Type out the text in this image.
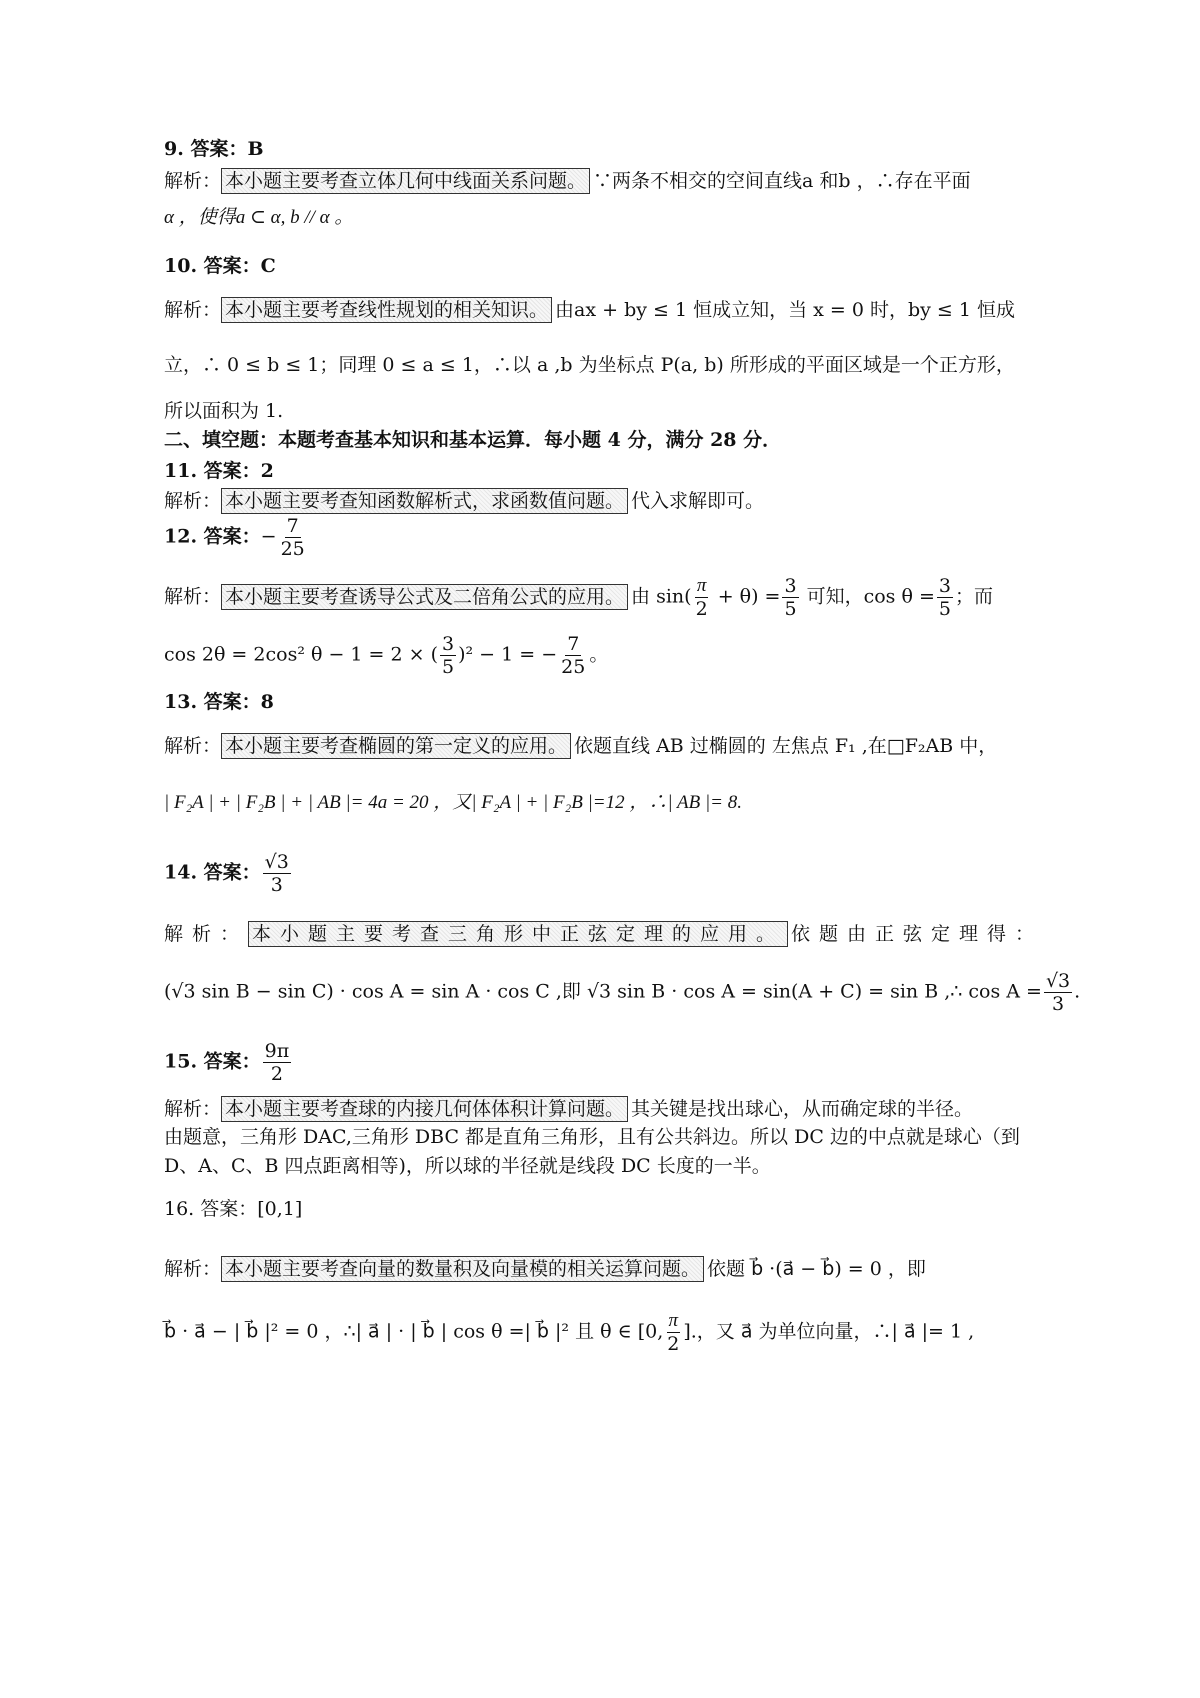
9. 答案：B
解析： 本小题主要考查立体几何中线面关系问题。 ∵两条不相交的空间直线a 和b ，∴存在平面
α ，使得a ⊂ α, b // α 。
10. 答案：C
解析： 本小题主要考查线性规划的相关知识。 由ax + by ≤ 1 恒成立知，当 x = 0 时，by ≤ 1 恒成
立，∴ 0 ≤ b ≤ 1；同理 0 ≤ a ≤ 1，∴以 a ,b 为坐标点 P(a, b) 所形成的平面区域是一个正方形，
所以面积为 1.
二、填空题：本题考查基本知识和基本运算．每小题 4 分，满分 28 分．
11. 答案：2
解析： 本小题主要考查知函数解析式，求函数值问题。 代入求解即可。
12. 答案：− $\frac{7}{25}$
解析： 本小题主要考查诱导公式及二倍角公式的应用。 由 $\sin( \frac{\pi}{2} + \theta) = \frac{3}{5}$ 可知，$\cos \theta = \frac{3}{5}$ ；而
cos 2θ = 2cos² θ − 1 = 2 × ( $\frac{3}{5} )^2 - 1$ = − $\frac{7}{25}$ 。
13. 答案：8
解析： 本小题主要考查椭圆的第一定义的应用。 依题直线 AB 过椭圆的 左焦点 F₁ ,在□F₂AB 中，
| F₂A | + | F₂B | + | AB |= 4a = 20 ，又| F₂A | + | F₂B |=12 ，∴| AB |= 8.
14. 答案： $\frac{√3}{3}$
解析： 本小题主要考查三角形中正弦定理的应用。 依题由正弦定理得：
(√3 sin B − sin C) · cos A = sin A · cos C ,即 √3 sin B · cos A = sin(A + C) = sin B ,∴ $\cos A = \frac{√3}{3}$ .
15. 答案： $\frac{9\pi}{2}$
解析： 本小题主要考查球的内接几何体体积计算问题。 其关键是找出球心，从而确定球的半径。
由题意，三角形 DAC,三角形 DBC 都是直角三角形，且有公共斜边。所以 DC 边的中点就是球心（到
D、A、C、B 四点距离相等)，所以球的半径就是线段 DC 长度的一半。
16. 答案：[0,1]
解析： 本小题主要考查向量的数量积及向量模的相关运算问题。 依题 b⃗ ·(a⃗ − b⃗) = 0 ，即
b⃗ · a⃗ − | b⃗ |² = 0 ，∴| a⃗ | · | b⃗ | cos θ =| b⃗ |² 且 θ ∈ [0, $\frac{\pi}{2}$ ].，又 a⃗ 为单位向量，∴| a⃗ |= 1 ,
